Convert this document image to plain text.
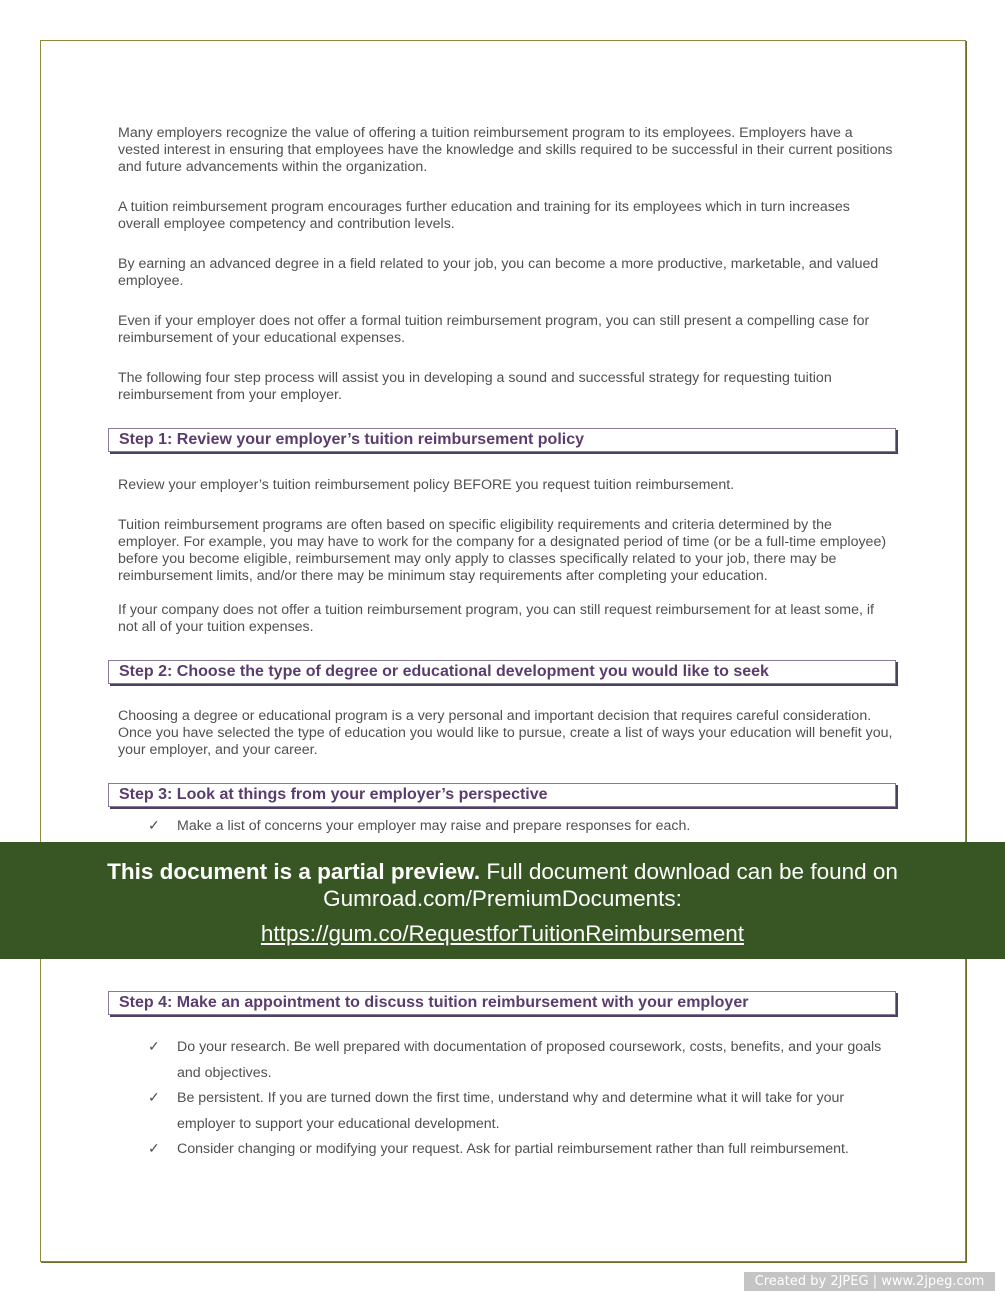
Many employers recognize the value of offering a tuition reimbursement program to its employees. Employers have a vested interest in ensuring that employees have the knowledge and skills required to be successful in their current positions and future advancements within the organization.

A tuition reimbursement program encourages further education and training for its employees which in turn increases overall employee competency and contribution levels.

By earning an advanced degree in a field related to your job, you can become a more productive, marketable, and valued employee.

Even if your employer does not offer a formal tuition reimbursement program, you can still present a compelling case for reimbursement of your educational expenses.

The following four step process will assist you in developing a sound and successful strategy for requesting tuition reimbursement from your employer.

Step 1: Review your employer’s tuition reimbursement policy

Review your employer’s tuition reimbursement policy BEFORE you request tuition reimbursement.

Tuition reimbursement programs are often based on specific eligibility requirements and criteria determined by the employer. For example, you may have to work for the company for a designated period of time (or be a full-time employee) before you become eligible, reimbursement may only apply to classes specifically related to your job, there may be reimbursement limits, and/or there may be minimum stay requirements after completing your education.

If your company does not offer a tuition reimbursement program, you can still request reimbursement for at least some, if not all of your tuition expenses.

Step 2: Choose the type of degree or educational development you would like to seek

Choosing a degree or educational program is a very personal and important decision that requires careful consideration. Once you have selected the type of education you would like to pursue, create a list of ways your education will benefit you, your employer, and your career.

Step 3: Look at things from your employer’s perspective
✓ Make a list of concerns your employer may raise and prepare responses for each.
This document is a partial preview. Full document download can be found on Gumroad.com/PremiumDocuments:
https://gum.co/RequestforTuitionReimbursement
Step 4: Make an appointment to discuss tuition reimbursement with your employer
✓ Do your research. Be well prepared with documentation of proposed coursework, costs, benefits, and your goals and objectives.
✓ Be persistent. If you are turned down the first time, understand why and determine what it will take for your employer to support your educational development.
✓ Consider changing or modifying your request. Ask for partial reimbursement rather than full reimbursement.
Created by 2JPEG | www.2jpeg.com
